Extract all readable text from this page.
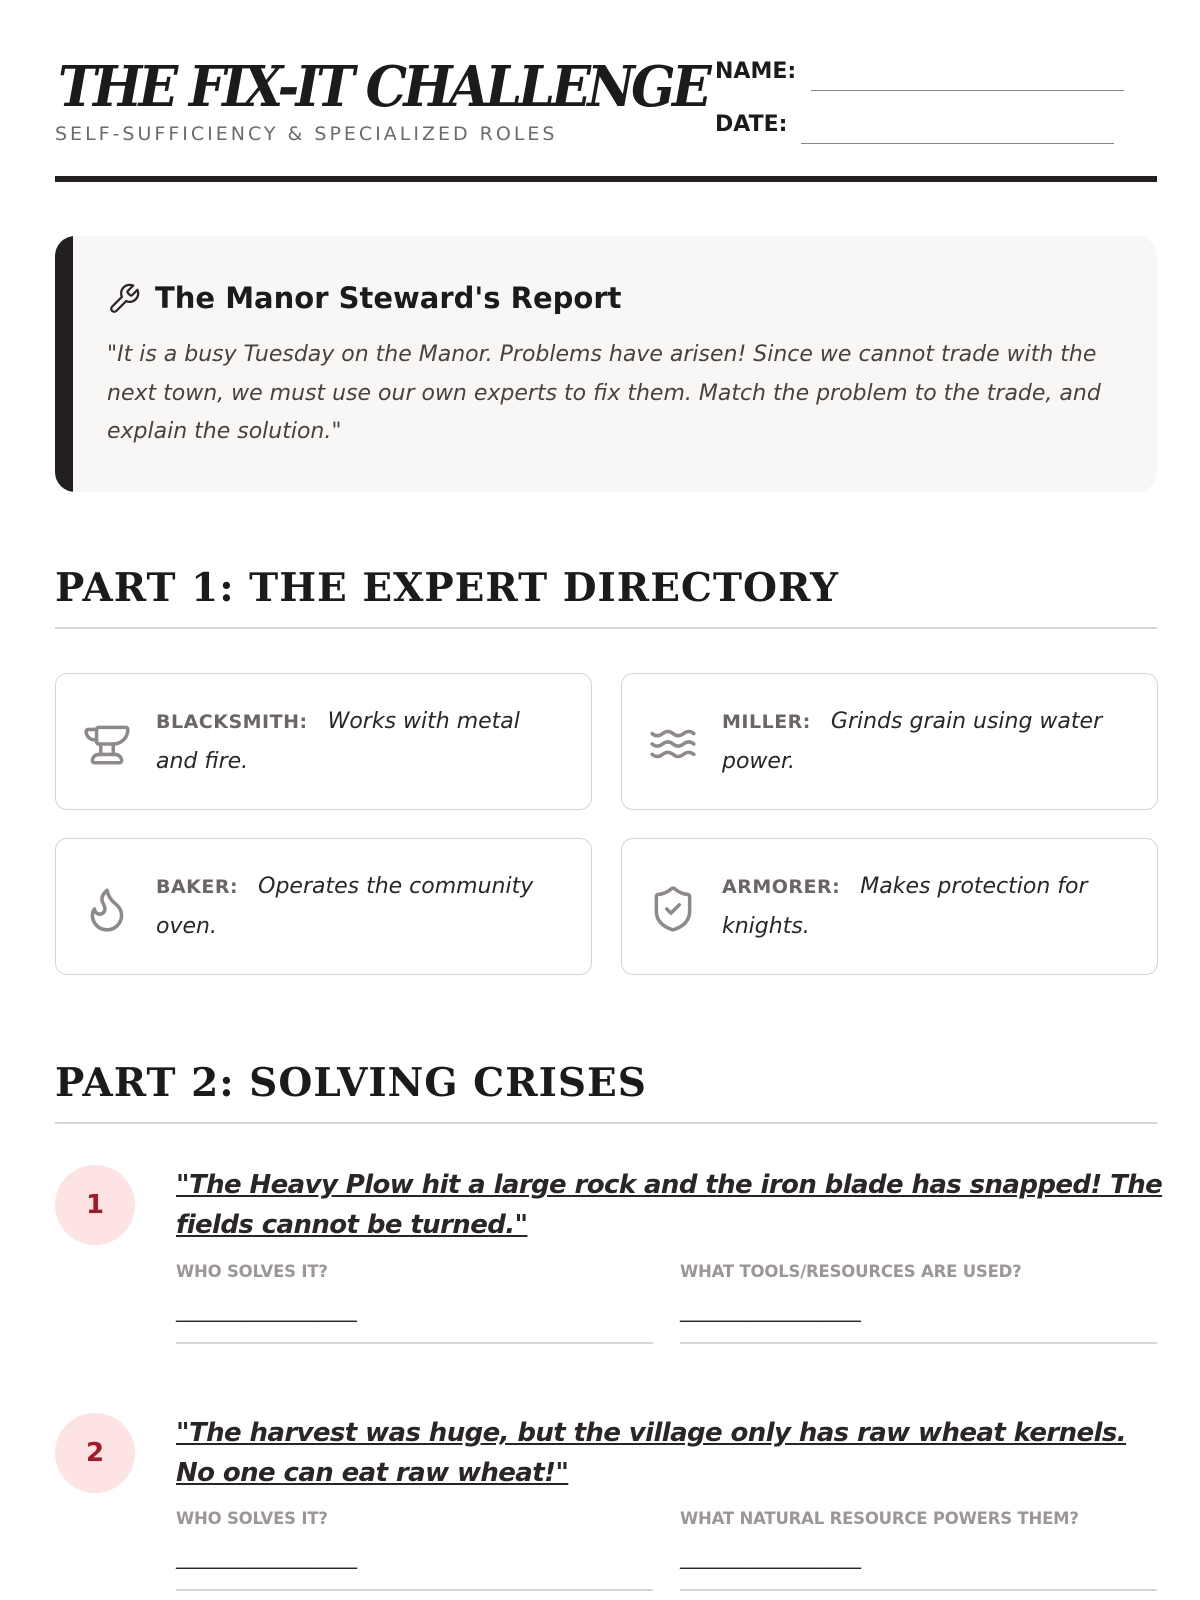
THE FIX-IT CHALLENGE
SELF-SUFFICIENCY & SPECIALIZED ROLES
NAME:
DATE:
The Manor Steward's Report
"It is a busy Tuesday on the Manor. Problems have arisen! Since we cannot trade with the next town, we must use our own experts to fix them. Match the problem to the trade, and explain the solution."
PART 1: THE EXPERT DIRECTORY
BLACKSMITH: Works with metal and fire.
MILLER: Grinds grain using water power.
BAKER: Operates the community oven.
ARMORER: Makes protection for knights.
PART 2: SOLVING CRISES
1
"The Heavy Plow hit a large rock and the iron blade has snapped! The fields cannot be turned."
WHO SOLVES IT?
____________________
WHAT TOOLS/RESOURCES ARE USED?
____________________
2
"The harvest was huge, but the village only has raw wheat kernels. No one can eat raw wheat!"
WHO SOLVES IT?
____________________
WHAT NATURAL RESOURCE POWERS THEM?
____________________
